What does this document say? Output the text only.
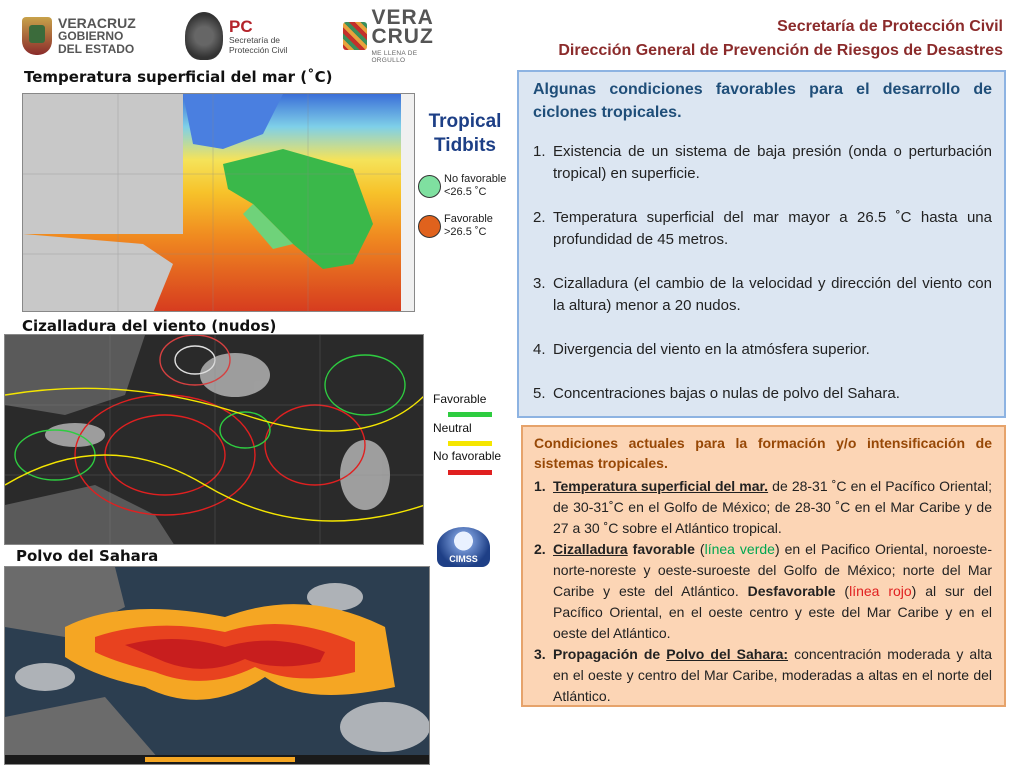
VERACRUZ
GOBIERNO
DEL ESTADO
PC
Secretaría de
Protección Civil
VERA CRUZ
ME LLENA DE ORGULLO
Secretaría de Protección Civil
Dirección General de Prevención de Riesgos de Desastres
Temperatura superficial del mar (˚C)
Tropical
Tidbits
No favorable
<26.5 ˚C
Favorable
>26.5 ˚C
Cizalladura del viento (nudos)
Favorable
Neutral
No favorable
CIMSS
Polvo del Sahara
Algunas condiciones favorables para el desarrollo de ciclones tropicales.
1. Existencia de un sistema de baja presión (onda o perturbación tropical) en superficie.
2. Temperatura superficial del mar mayor a 26.5 ˚C hasta una profundidad de 45 metros.
3. Cizalladura (el cambio de la velocidad y dirección del viento con la altura) menor a 20 nudos.
4. Divergencia del viento en la atmósfera superior.
5. Concentraciones bajas o nulas de polvo del Sahara.
Condiciones actuales para la formación y/o intensificación de sistemas tropicales.
1. Temperatura superficial del mar. de 28-31 ˚C en el Pacífico Oriental; de 30-31˚C en el Golfo de México; de 28-30 ˚C en el Mar Caribe y de 27 a 30 ˚C sobre el Atlántico tropical.
2. Cizalladura favorable (línea verde) en el Pacifico Oriental, noroeste-norte-noreste y oeste-suroeste del Golfo de México; norte del Mar Caribe y este del Atlántico. Desfavorable (línea rojo) al sur del Pacífico Oriental, en el oeste centro y este del Mar Caribe y en el oeste del Atlántico.
3. Propagación de Polvo del Sahara: concentración moderada y alta en el oeste y centro del Mar Caribe, moderadas a altas en el norte del Atlántico.
